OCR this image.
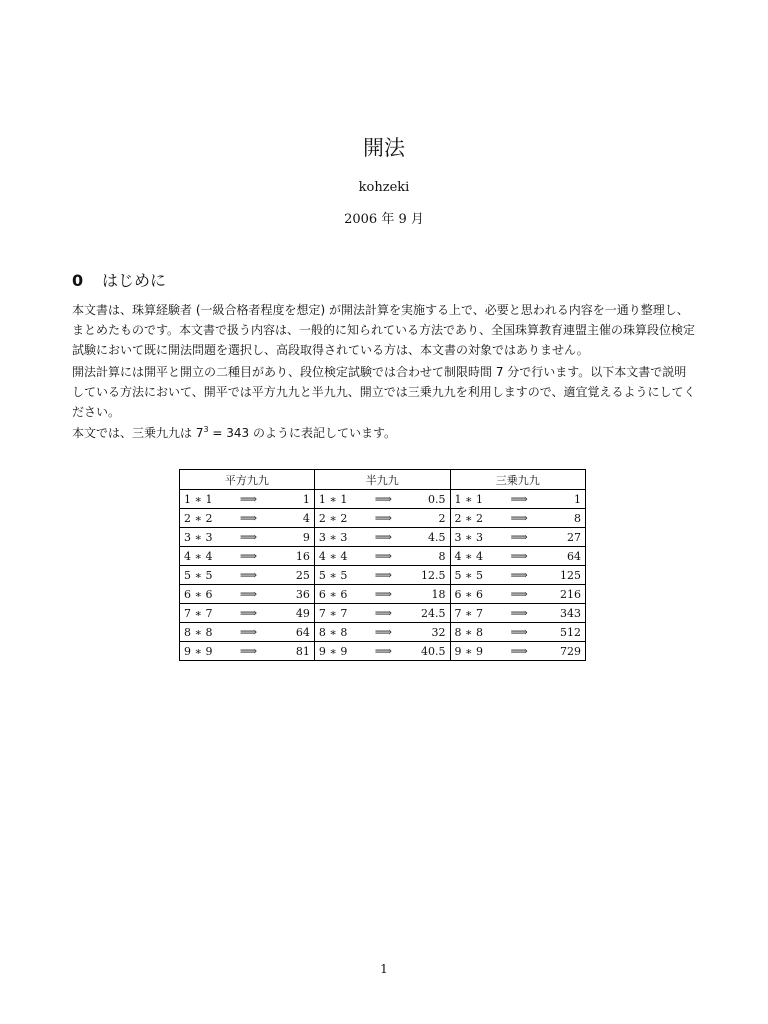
開法
kohzeki
2006 年 9 月
0 はじめに

本文書は、珠算経験者 (一級合格者程度を想定) が開法計算を実施する上で、必要と思われる内容を一通り整理し、まとめたものです。本文書で扱う内容は、一般的に知られている方法であり、全国珠算教育連盟主催の珠算段位検定試験において既に開法問題を選択し、高段取得されている方は、本文書の対象ではありません。

開法計算には開平と開立の二種目があり、段位検定試験では合わせて制限時間 7 分で行います。以下本文書で説明している方法において、開平では平方九九と半九九、開立では三乗九九を利用しますので、適宜覚えるようにしてください。

本文では、三乗九九は $7^3 = 343$ のように表記しています。

平方九九			半九九			三乗九九		
1 ∗ 1	⟹	1	1 ∗ 1	⟹	0.5	1 ∗ 1	⟹	1
2 ∗ 2	⟹	4	2 ∗ 2	⟹	2	2 ∗ 2	⟹	8
3 ∗ 3	⟹	9	3 ∗ 3	⟹	4.5	3 ∗ 3	⟹	27
4 ∗ 4	⟹	16	4 ∗ 4	⟹	8	4 ∗ 4	⟹	64
5 ∗ 5	⟹	25	5 ∗ 5	⟹	12.5	5 ∗ 5	⟹	125
6 ∗ 6	⟹	36	6 ∗ 6	⟹	18	6 ∗ 6	⟹	216
7 ∗ 7	⟹	49	7 ∗ 7	⟹	24.5	7 ∗ 7	⟹	343
8 ∗ 8	⟹	64	8 ∗ 8	⟹	32	8 ∗ 8	⟹	512
9 ∗ 9	⟹	81	9 ∗ 9	⟹	40.5	9 ∗ 9	⟹	729
1
